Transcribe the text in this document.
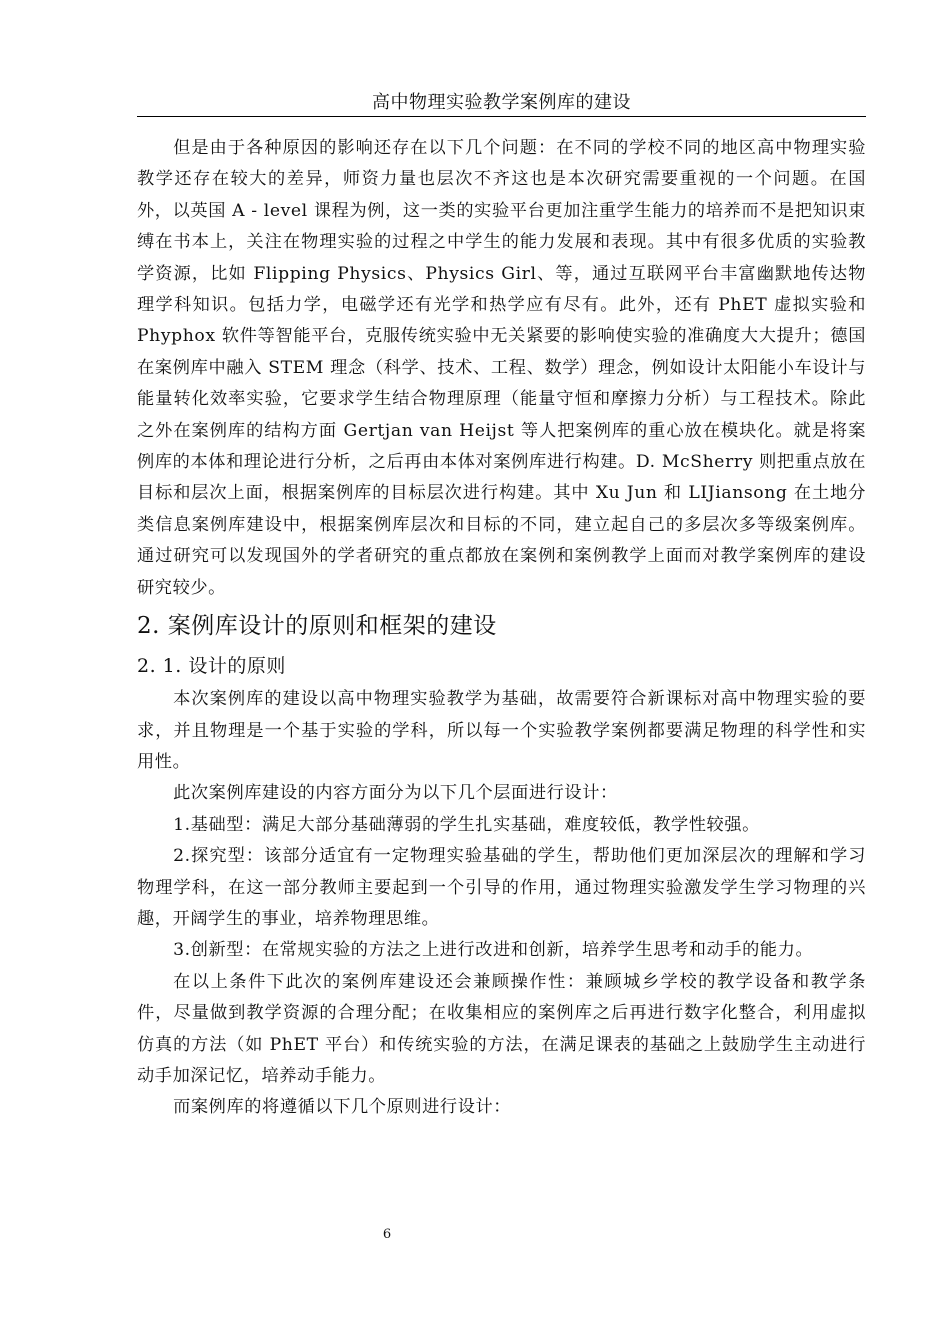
高中物理实验教学案例库的建设

但是由于各种原因的影响还存在以下几个问题：在不同的学校不同的地区高中物理实验教学还存在较大的差异，师资力量也层次不齐这也是本次研究需要重视的一个问题。在国外，以英国 A - level 课程为例，这一类的实验平台更加注重学生能力的培养而不是把知识束缚在书本上，关注在物理实验的过程之中学生的能力发展和表现。其中有很多优质的实验教学资源，比如 Flipping Physics、Physics Girl、等，通过互联网平台丰富幽默地传达物理学科知识。包括力学，电磁学还有光学和热学应有尽有。此外，还有 PhET 虚拟实验和 Phyphox 软件等智能平台，克服传统实验中无关紧要的影响使实验的准确度大大提升；德国在案例库中融入 STEM 理念（科学、技术、工程、数学）理念，例如设计太阳能小车设计与能量转化效率实验，它要求学生结合物理原理（能量守恒和摩擦力分析）与工程技术。除此之外在案例库的结构方面 Gertjan van Heijst 等人把案例库的重心放在模块化。就是将案例库的本体和理论进行分析，之后再由本体对案例库进行构建。D. McSherry 则把重点放在目标和层次上面，根据案例库的目标层次进行构建。其中 Xu Jun 和 LIJiansong 在土地分类信息案例库建设中，根据案例库层次和目标的不同，建立起自己的多层次多等级案例库。通过研究可以发现国外的学者研究的重点都放在案例和案例教学上面而对教学案例库的建设研究较少。

2. 案例库设计的原则和框架的建设
2. 1. 设计的原则

本次案例库的建设以高中物理实验教学为基础，故需要符合新课标对高中物理实验的要求，并且物理是一个基于实验的学科，所以每一个实验教学案例都要满足物理的科学性和实用性。

此次案例库建设的内容方面分为以下几个层面进行设计：

1.基础型：满足大部分基础薄弱的学生扎实基础，难度较低，教学性较强。

2.探究型：该部分适宜有一定物理实验基础的学生，帮助他们更加深层次的理解和学习物理学科，在这一部分教师主要起到一个引导的作用，通过物理实验激发学生学习物理的兴趣，开阔学生的事业，培养物理思维。

3.创新型：在常规实验的方法之上进行改进和创新，培养学生思考和动手的能力。

在以上条件下此次的案例库建设还会兼顾操作性：兼顾城乡学校的教学设备和教学条件，尽量做到教学资源的合理分配；在收集相应的案例库之后再进行数字化整合，利用虚拟仿真的方法（如 PhET 平台）和传统实验的方法，在满足课表的基础之上鼓励学生主动进行动手加深记忆，培养动手能力。

而案例库的将遵循以下几个原则进行设计：

6
